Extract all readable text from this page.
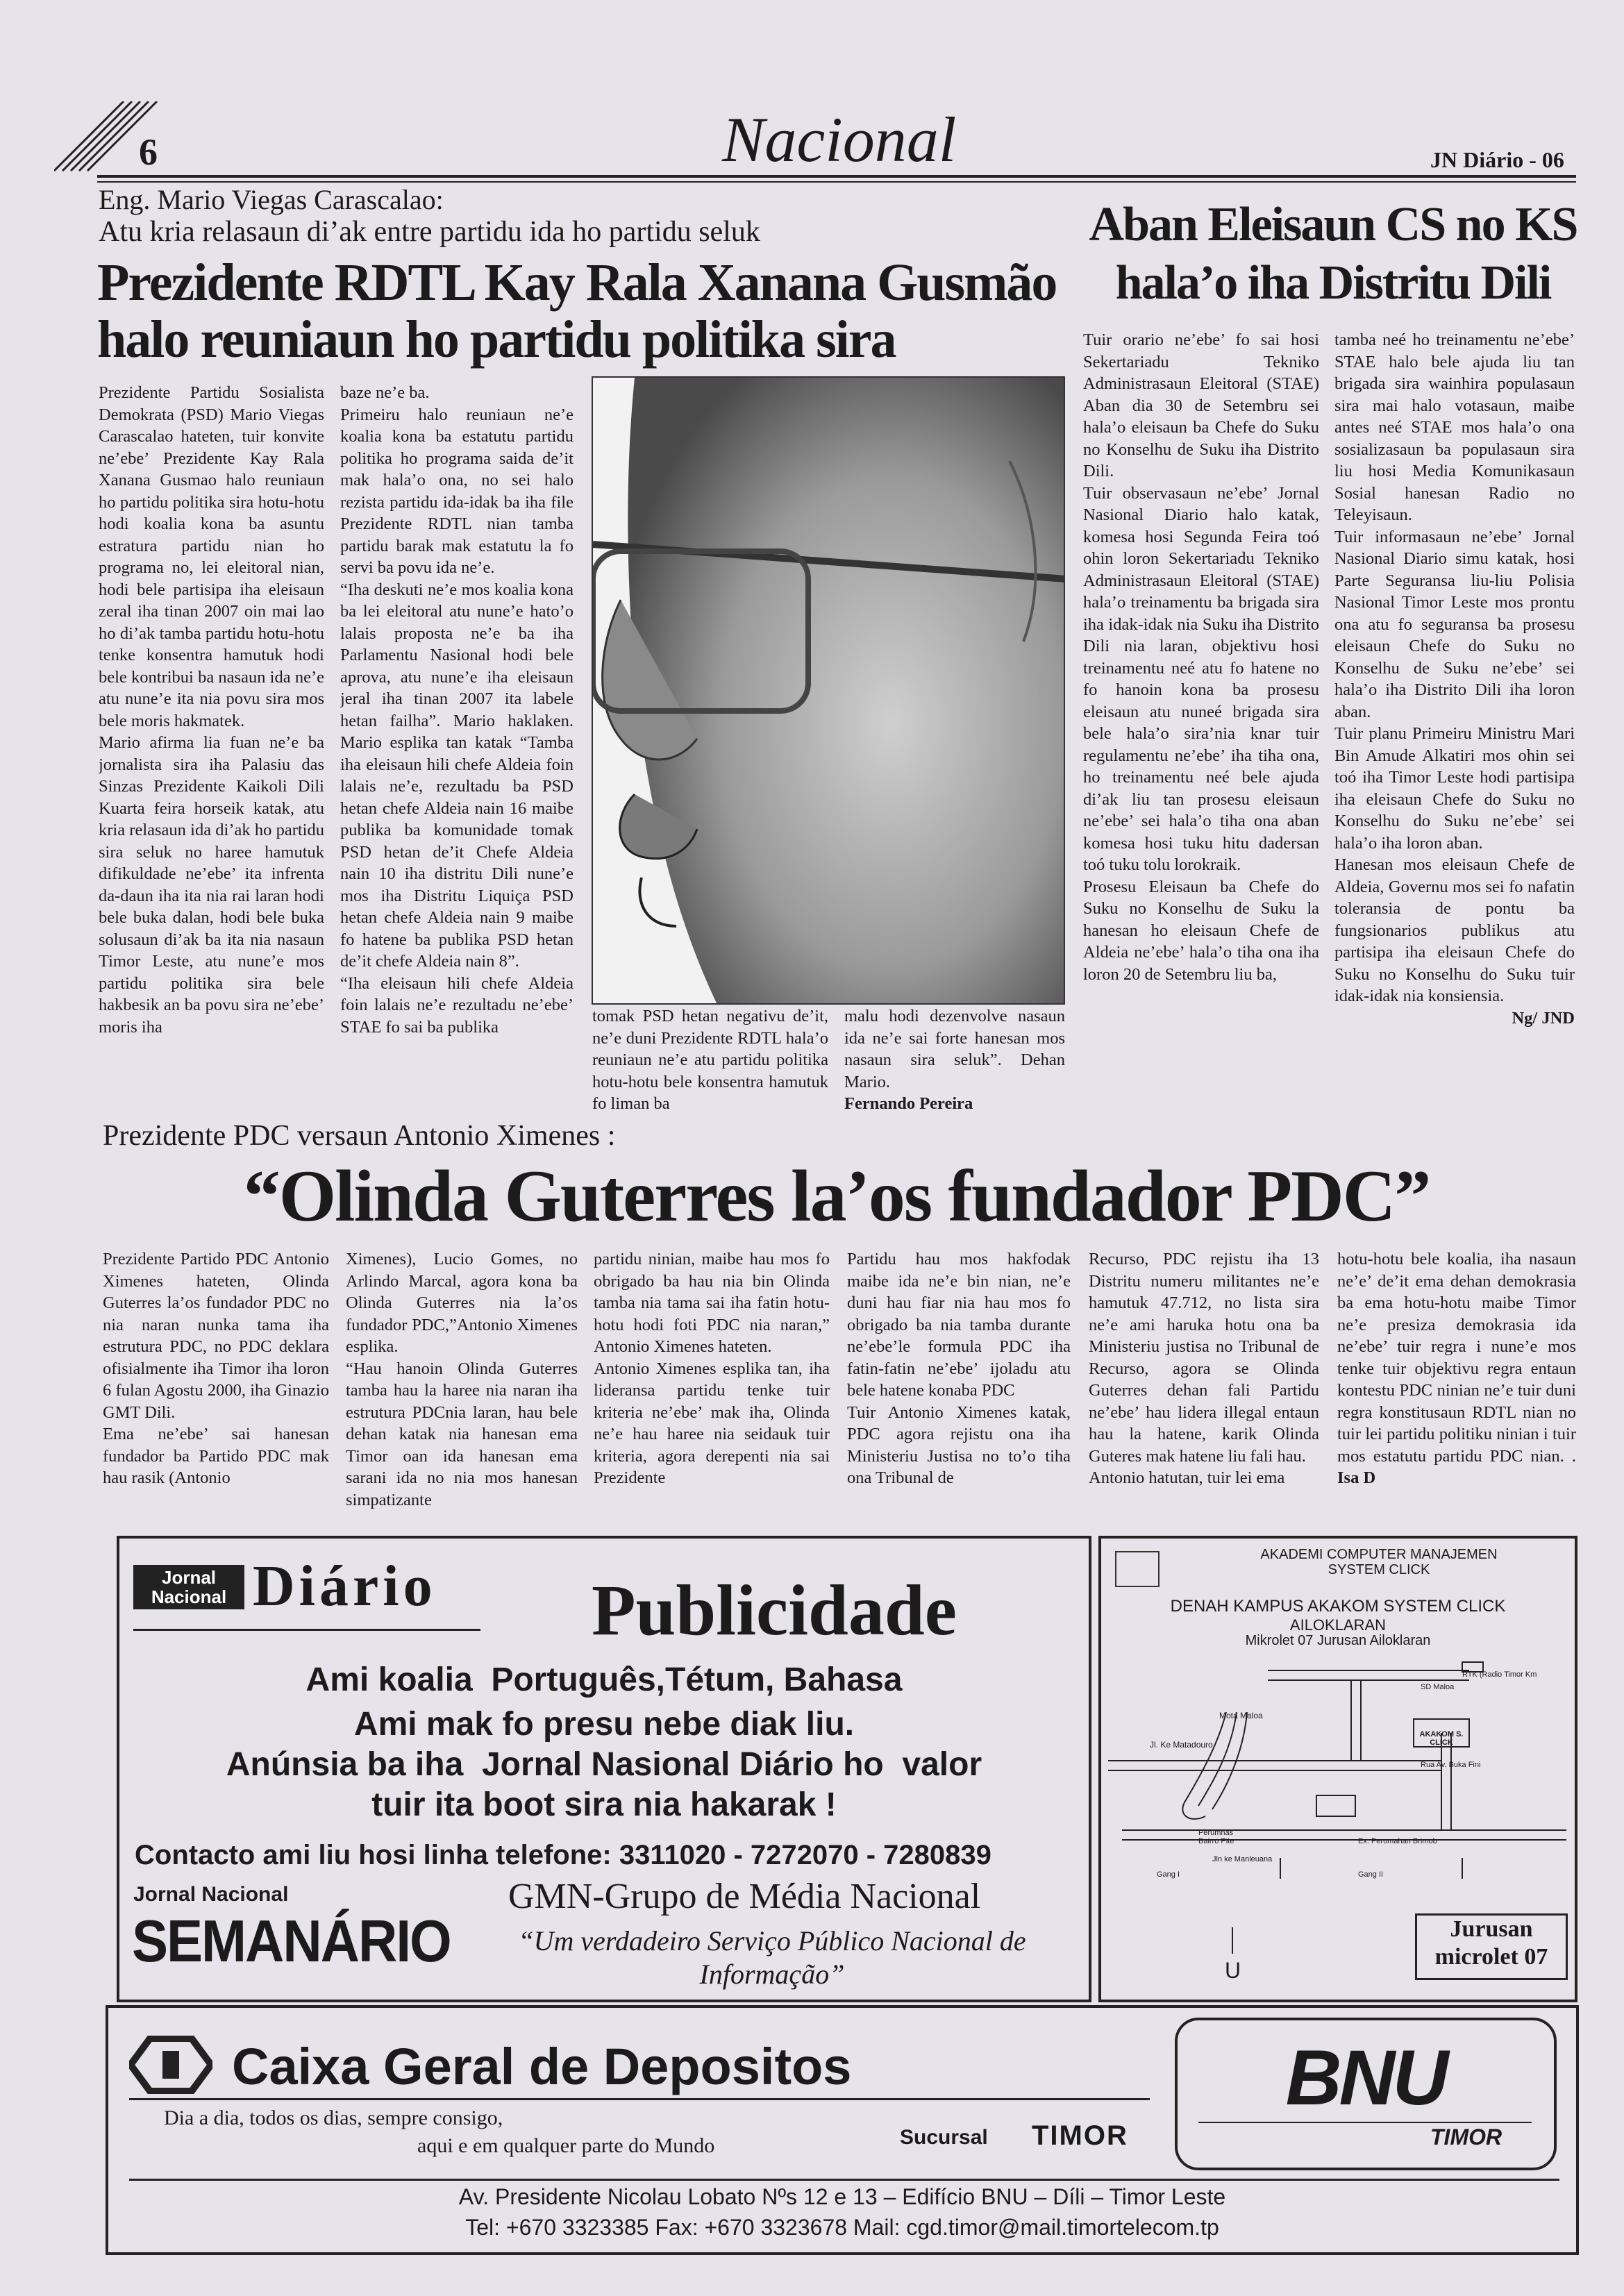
6	Nacional	JN Diário - 06
Eng. Mario Viegas Carascalao:
Atu kria relasaun di’ak entre partidu ida ho partidu seluk
Prezidente RDTL Kay Rala Xanana Gusmão
halo reuniaun ho partidu politika sira

Prezidente Partidu Sosialista Demokrata (PSD) Mario Viegas Carascalao hateten, tuir konvite ne’ebe’ Prezidente Kay Rala Xanana Gusmao halo reuniaun ho partidu politika sira hotu-hotu hodi koalia kona ba asuntu estratura partidu nian ho programa no, lei eleitoral nian, hodi bele partisipa iha eleisaun zeral iha tinan 2007 oin mai lao ho di’ak tamba partidu hotu-hotu tenke konsentra hamutuk hodi bele kontribui ba nasaun ida ne’e atu nune’e ita nia povu sira mos bele moris hakmatek.

Mario afirma lia fuan ne’e ba jornalista sira iha Palasiu das Sinzas Prezidente Kaikoli Dili Kuarta feira horseik katak, atu kria relasaun ida di’ak ho partidu sira seluk no haree hamutuk difikuldade ne’ebe’ ita infrenta da-daun iha ita nia rai laran hodi bele buka dalan, hodi bele buka solusaun di’ak ba ita nia nasaun Timor Leste, atu nune’e mos partidu politika sira bele hakbesik an ba povu sira ne’ebe’ moris iha

baze ne’e ba.

Primeiru halo reuniaun ne’e koalia kona ba estatutu partidu politika ho programa saida de’it mak hala’o ona, no sei halo rezista partidu ida-idak ba iha file Prezidente RDTL nian tamba partidu barak mak estatutu la fo servi ba povu ida ne’e.

“Iha deskuti ne’e mos koalia kona ba lei eleitoral atu nune’e hato’o lalais proposta ne’e ba iha Parlamentu Nasional hodi bele aprova, atu nune’e iha eleisaun jeral iha tinan 2007 ita labele hetan failha”. Mario haklaken. Mario esplika tan katak “Tamba iha eleisaun hili chefe Aldeia foin lalais ne’e, rezultadu ba PSD hetan chefe Aldeia nain 16 maibe publika ba komunidade tomak PSD hetan de’it Chefe Aldeia nain 10 iha distritu Dili nune’e mos iha Distritu Liquiça PSD hetan chefe Aldeia nain 9 maibe fo hatene ba publika PSD hetan de’it chefe Aldeia nain 8”.

“Iha eleisaun hili chefe Aldeia foin lalais ne’e rezultadu ne’ebe’ STAE fo sai ba publika

tomak PSD hetan negativu de’it, ne’e duni Prezidente RDTL hala’o reuniaun ne’e atu partidu politika hotu-hotu bele konsentra hamutuk fo liman ba

malu hodi dezenvolve nasaun ida ne’e sai forte hanesan mos nasaun sira seluk”. Dehan Mario.

Fernando Pereira

Aban Eleisaun CS no KS
hala’o iha Distritu Dili

Tuir orario ne’ebe’ fo sai hosi Sekertariadu Tekniko Administrasaun Eleitoral (STAE) Aban dia 30 de Setembru sei hala’o eleisaun ba Chefe do Suku no Konselhu de Suku iha Distrito Dili.

Tuir observasaun ne’ebe’ Jornal Nasional Diario halo katak, komesa hosi Segunda Feira toó ohin loron Sekertariadu Tekniko Administrasaun Eleitoral (STAE) hala’o treinamentu ba brigada sira iha idak-idak nia Suku iha Distrito Dili nia laran, objektivu hosi treinamentu neé atu fo hatene no fo hanoin kona ba prosesu eleisaun atu nuneé brigada sira bele hala’o sira’nia knar tuir regulamentu ne’ebe’ iha tiha ona, ho treinamentu neé bele ajuda di’ak liu tan prosesu eleisaun ne’ebe’ sei hala’o tiha ona aban komesa hosi tuku hitu dadersan toó tuku tolu lorokraik.

Prosesu Eleisaun ba Chefe do Suku no Konselhu de Suku la hanesan ho eleisaun Chefe de Aldeia ne’ebe’ hala’o tiha ona iha loron 20 de Setembru liu ba,

tamba neé ho treinamentu ne’ebe’ STAE halo bele ajuda liu tan brigada sira wainhira populasaun sira mai halo votasaun, maibe antes neé STAE mos hala’o ona sosializasaun ba populasaun sira liu hosi Media Komunikasaun Sosial hanesan Radio no Teleyisaun.

Tuir informasaun ne’ebe’ Jornal Nasional Diario simu katak, hosi Parte Seguransa liu-liu Polisia Nasional Timor Leste mos prontu ona atu fo seguransa ba prosesu eleisaun Chefe do Suku no Konselhu de Suku ne’ebe’ sei hala’o iha Distrito Dili iha loron aban.

Tuir planu Primeiru Ministru Mari Bin Amude Alkatiri mos ohin sei toó iha Timor Leste hodi partisipa iha eleisaun Chefe do Suku no Konselhu do Suku ne’ebe’ sei hala’o iha loron aban.

Hanesan mos eleisaun Chefe de Aldeia, Governu mos sei fo nafatin toleransia de pontu ba fungsionarios publikus atu partisipa iha eleisaun Chefe do Suku no Konselhu do Suku tuir idak-idak nia konsiensia.

Ng/ JND

Prezidente PDC versaun Antonio Ximenes :
“Olinda Guterres la’os fundador PDC”

Prezidente Partido PDC Antonio Ximenes hateten, Olinda Guterres la’os fundador PDC no nia naran nunka tama iha estrutura PDC, no PDC deklara ofisialmente iha Timor iha loron 6 fulan Agostu 2000, iha Ginazio GMT Dili.

Ema ne’ebe’ sai hanesan fundador ba Partido PDC mak hau rasik (Antonio

Ximenes), Lucio Gomes, no Arlindo Marcal, agora kona ba Olinda Guterres nia la’os fundador PDC,”Antonio Ximenes esplika.

“Hau hanoin Olinda Guterres tamba hau la haree nia naran iha estrutura PDCnia laran, hau bele dehan katak nia hanesan ema Timor oan ida hanesan ema sarani ida no nia mos hanesan simpatizante

partidu ninian, maibe hau mos fo obrigado ba hau nia bin Olinda tamba nia tama sai iha fatin hotu-hotu hodi foti PDC nia naran,” Antonio Ximenes hateten.

Antonio Ximenes esplika tan, iha lideransa partidu tenke tuir kriteria ne’ebe’ mak iha, Olinda ne’e hau haree nia seidauk tuir kriteria, agora derepenti nia sai Prezidente

Partidu hau mos hakfodak maibe ida ne’e bin nian, ne’e duni hau fiar nia hau mos fo obrigado ba nia tamba durante ne’ebe’le formula PDC iha fatin-fatin ne’ebe’ ijoladu atu bele hatene konaba PDC

Tuir Antonio Ximenes katak, PDC agora rejistu ona iha Ministeriu Justisa no to’o tiha ona Tribunal de

Recurso, PDC rejistu iha 13 Distritu numeru militantes ne’e hamutuk 47.712, no lista sira ne’e ami haruka hotu ona ba Ministeriu justisa no Tribunal de Recurso, agora se Olinda Guterres dehan fali Partidu ne’ebe’ hau lidera illegal entaun hau la hatene, karik Olinda Guteres mak hatene liu fali hau.

Antonio hatutan, tuir lei ema

hotu-hotu bele koalia, iha nasaun ne’e’ de’it ema dehan demokrasia ba ema hotu-hotu maibe Timor ne’e presiza demokrasia ida ne’ebe’ tuir regra i nune’e mos tenke tuir objektivu regra entaun kontestu PDC ninian ne’e tuir duni regra konstitusaun RDTL nian no tuir lei partidu politiku ninian i tuir mos estatutu partidu PDC nian. . Isa D

Jornal Nacional Diário Publicidade
Ami koalia  Português,Tétum, Bahasa
Ami mak fo presu nebe diak liu.
Anúnsia ba iha  Jornal Nasional Diário ho  valor
tuir ita boot sira nia hakarak !
Contacto ami liu hosi linha telefone: 3311020 - 7272070 - 7280839
Jornal Nacional
SEMANÁRIO
GMN-Grupo de Média Nacional
“Um verdadeiro Serviço Público Nacional de
Informação”
AKADEMI COMPUTER MANAJEMEN
SYSTEM CLICK
DENAH KAMPUS AKAKOM SYSTEM CLICK
AILOKLARAN
Mikrolet 07 Jurusan Ailoklaran
RTK (Radio Timor Km
SD Maloa
Mota Maloa
Jl. Ke Matadouro
AKAKOM S. CLICK
Rua Av. Buka Fini
Perumnas Bairro Pite	Ex. Perumahan Brimob
Jln ke Manleuana
Gang I	Gang II
U
Jurusan
microlet 07
Caixa Geral de Depositos
Dia a dia, todos os dias, sempre consigo,
aqui e em qualquer parte do Mundo	Sucursal TIMOR
BNU
TIMOR
Av. Presidente Nicolau Lobato Nºs 12 e 13 – Edifício BNU – Díli – Timor Leste
Tel: +670 3323385 Fax: +670 3323678 Mail: cgd.timor@mail.timortelecom.tp
